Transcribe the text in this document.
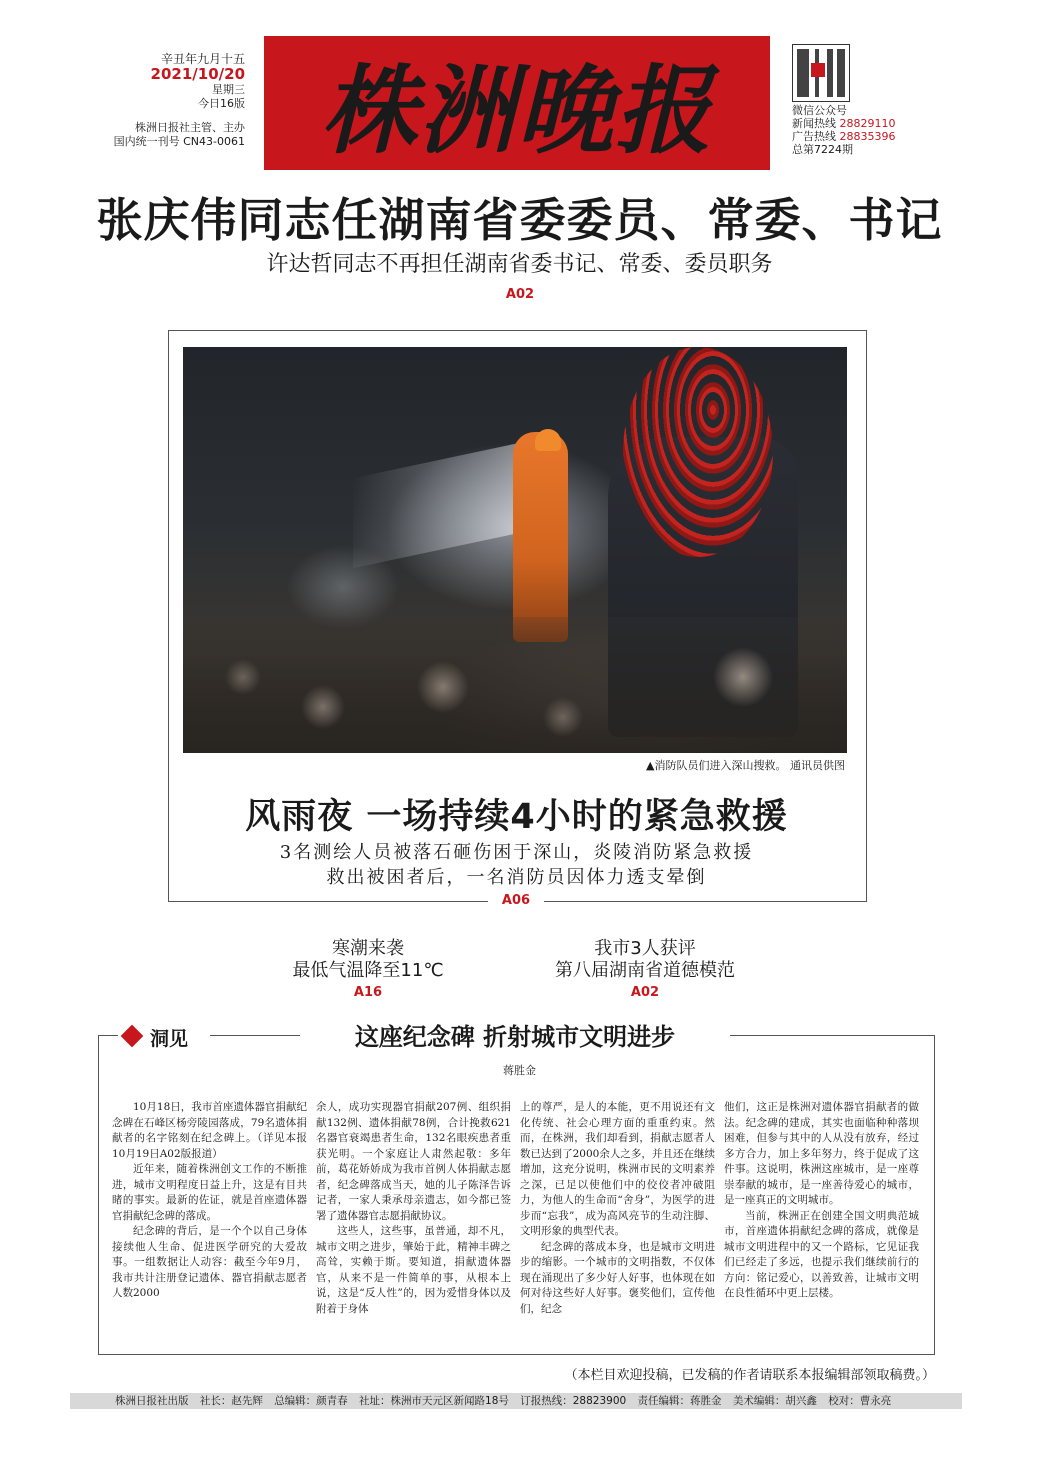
辛丑年九月十五
2021/10/20
星期三
今日16版
株洲日报社主管、主办
国内统一刊号 CN43-0061 株洲晚报	微信公众号
新闻热线 28829110
广告热线 28835396
总第7224期
张庆伟同志任湖南省委委员、常委、书记
许达哲同志不再担任湖南省委书记、常委、委员职务
A02
▲消防队员们进入深山搜救。 通讯员供图
风雨夜 一场持续4小时的紧急救援
3名测绘人员被落石砸伤困于深山，炎陵消防紧急救援
救出被困者后，一名消防员因体力透支晕倒
A06
寒潮来袭
最低气温降至11℃
A16
我市3人获评
第八届湖南省道德模范
A02
洞见	这座纪念碑 折射城市文明进步
蒋胜金

10月18日，我市首座遗体器官捐献纪念碑在石峰区杨旁陵园落成，79名遗体捐献者的名字铭刻在纪念碑上。（详见本报10月19日A02版报道）

近年来，随着株洲创文工作的不断推进，城市文明程度日益上升，这是有目共睹的事实。最新的佐证，就是首座遗体器官捐献纪念碑的落成。

纪念碑的背后，是一个个以自己身体接续他人生命、促进医学研究的大爱故事。一组数据让人动容：截至今年9月，我市共计注册登记遗体、器官捐献志愿者人数2000

余人，成功实现器官捐献207例、组织捐献132例、遗体捐献78例，合计挽救621名器官衰竭患者生命，132名眼疾患者重获光明。一个家庭让人肃然起敬：多年前，葛花娇娇成为我市首例人体捐献志愿者，纪念碑落成当天，她的儿子陈泽告诉记者，一家人秉承母亲遗志，如今都已签署了遗体器官志愿捐献协议。

这些人，这些事，虽普通，却不凡，城市文明之进步，肇始于此，精神丰碑之高耸，实赖于斯。要知道，捐献遗体器官，从来不是一件简单的事，从根本上说，这是“反人性”的，因为爱惜身体以及附着于身体

上的尊严，是人的本能，更不用说还有文化传统、社会心理方面的重重约束。然而，在株洲，我们却看到，捐献志愿者人数已达到了2000余人之多，并且还在继续增加，这充分说明，株洲市民的文明素养之深，已足以使他们中的佼佼者冲破阻力，为他人的生命而“舍身”，为医学的进步而“忘我”，成为高风亮节的生动注脚、文明形象的典型代表。

纪念碑的落成本身，也是城市文明进步的缩影。一个城市的文明指数，不仅体现在涌现出了多少好人好事，也体现在如何对待这些好人好事。褒奖他们，宣传他们，纪念

他们，这正是株洲对遗体器官捐献者的做法。纪念碑的建成，其实也面临种种落坝困难，但参与其中的人从没有放弃，经过多方合力，加上多年努力，终于促成了这件事。这说明，株洲这座城市，是一座尊崇奉献的城市，是一座善待爱心的城市，是一座真正的文明城市。

当前，株洲正在创建全国文明典范城市，首座遗体捐献纪念碑的落成，就像是城市文明进程中的又一个路标，它见证我们已经走了多远，也提示我们继续前行的方向：铭记爱心，以善致善，让城市文明在良性循环中更上层楼。

（本栏目欢迎投稿，已发稿的作者请联系本报编辑部领取稿费。）
株洲日报社出版 社长：赵先辉 总编辑：颜青春 社址：株洲市天元区新闻路18号 订报热线：28823900 责任编辑：蒋胜金 美术编辑：胡兴鑫 校对：曹永亮
